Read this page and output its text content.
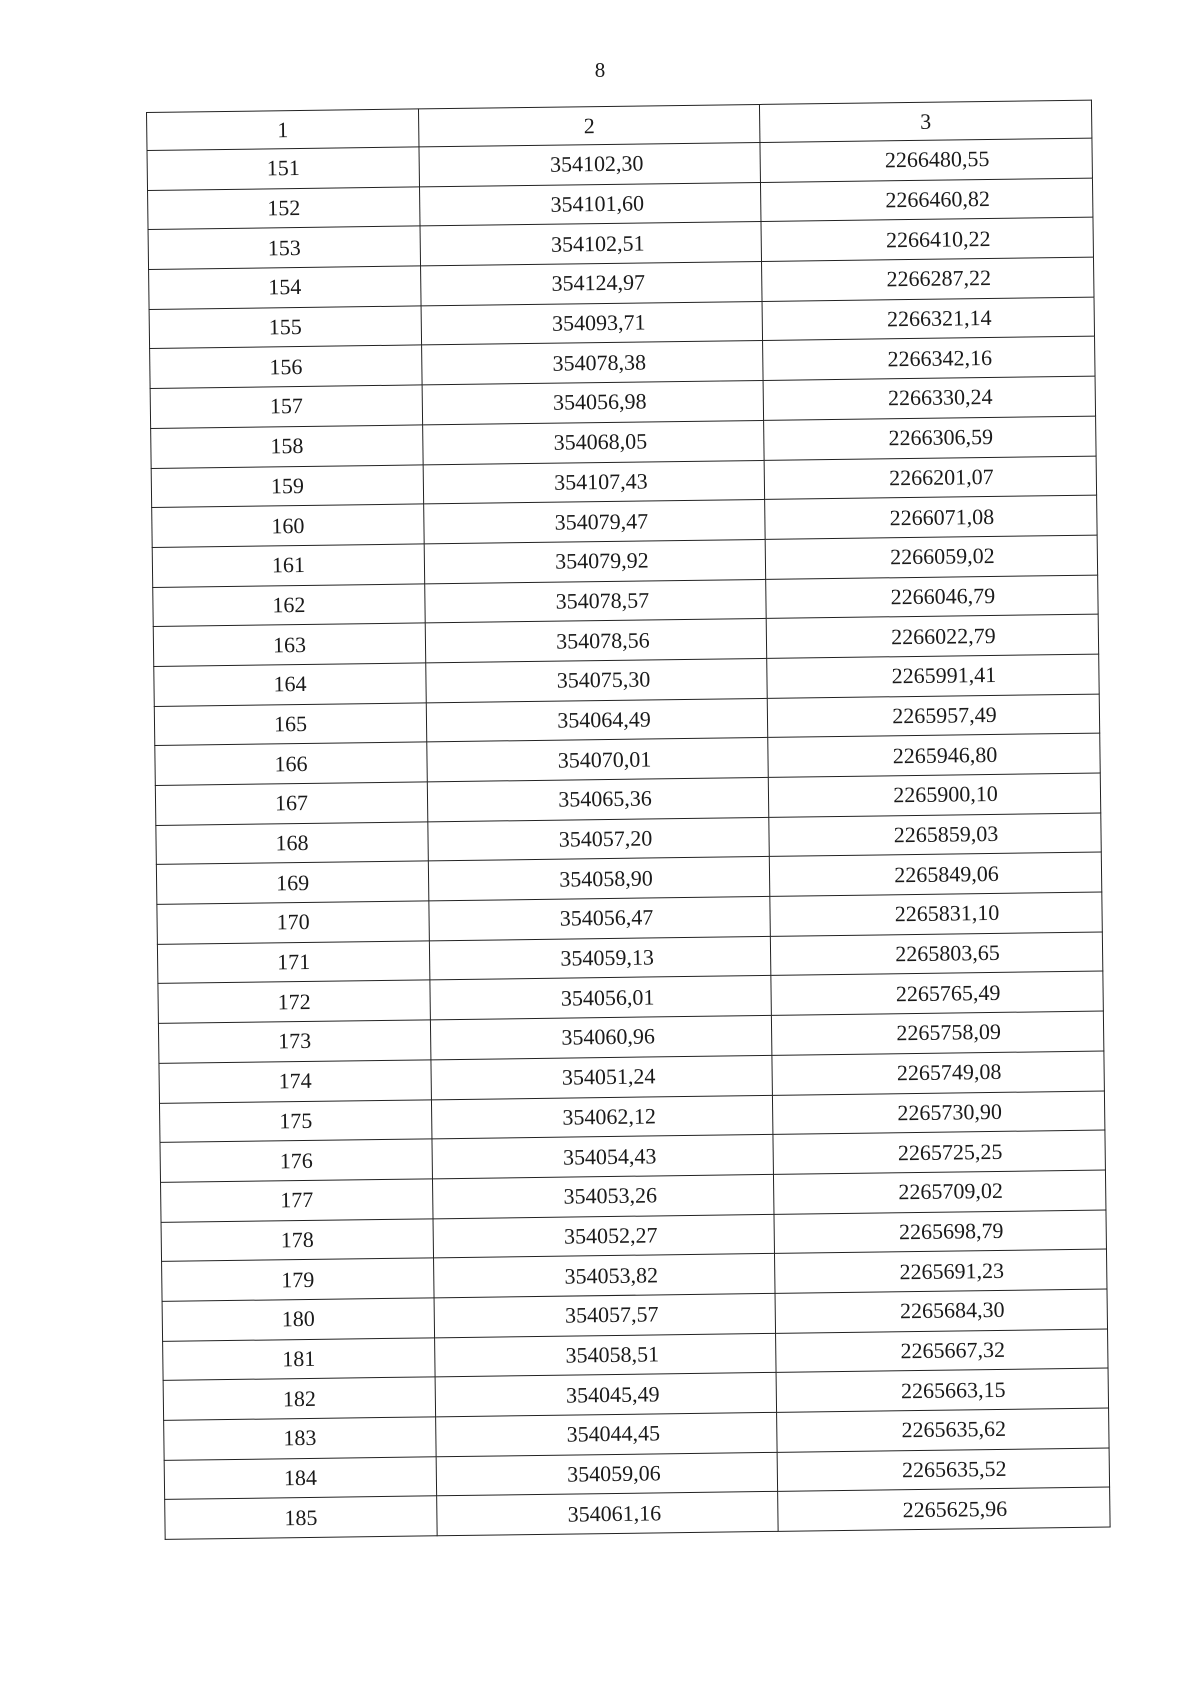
8
1	2	3
151	354102,30	2266480,55
152	354101,60	2266460,82
153	354102,51	2266410,22
154	354124,97	2266287,22
155	354093,71	2266321,14
156	354078,38	2266342,16
157	354056,98	2266330,24
158	354068,05	2266306,59
159	354107,43	2266201,07
160	354079,47	2266071,08
161	354079,92	2266059,02
162	354078,57	2266046,79
163	354078,56	2266022,79
164	354075,30	2265991,41
165	354064,49	2265957,49
166	354070,01	2265946,80
167	354065,36	2265900,10
168	354057,20	2265859,03
169	354058,90	2265849,06
170	354056,47	2265831,10
171	354059,13	2265803,65
172	354056,01	2265765,49
173	354060,96	2265758,09
174	354051,24	2265749,08
175	354062,12	2265730,90
176	354054,43	2265725,25
177	354053,26	2265709,02
178	354052,27	2265698,79
179	354053,82	2265691,23
180	354057,57	2265684,30
181	354058,51	2265667,32
182	354045,49	2265663,15
183	354044,45	2265635,62
184	354059,06	2265635,52
185	354061,16	2265625,96
